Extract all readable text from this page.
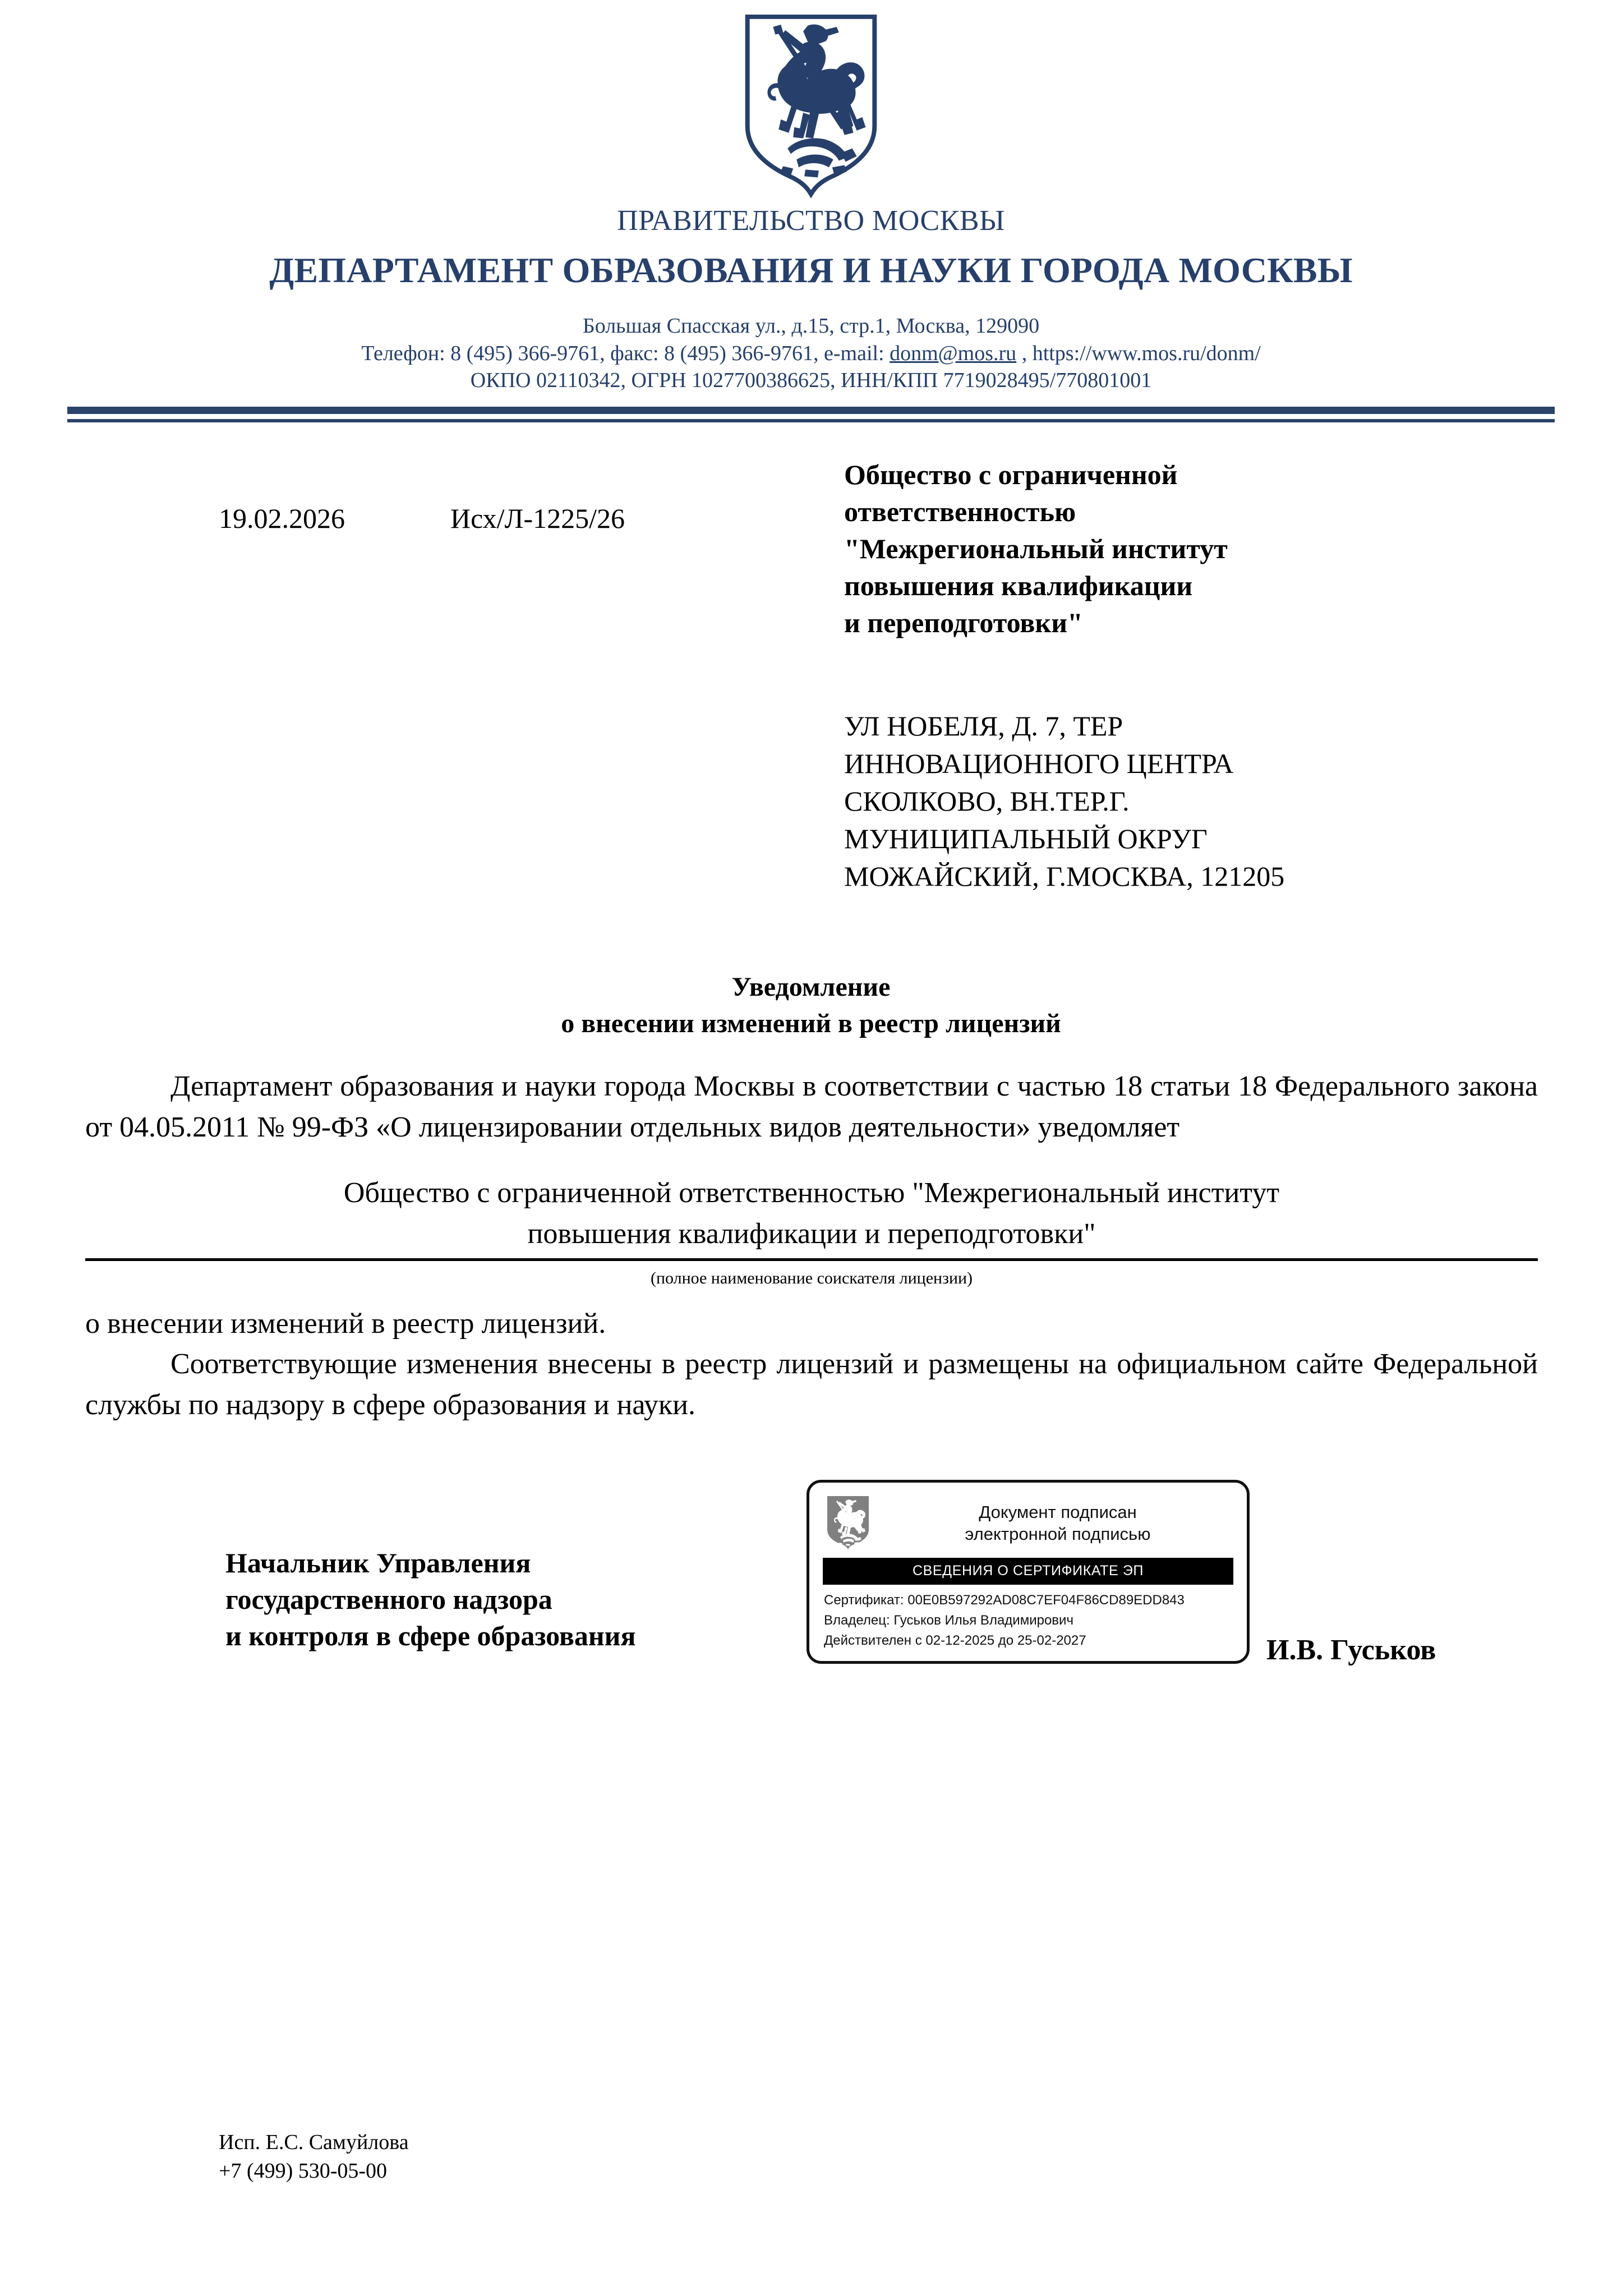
ПРАВИТЕЛЬСТВО МОСКВЫ
ДЕПАРТАМЕНТ ОБРАЗОВАНИЯ И НАУКИ ГОРОДА МОСКВЫ
Большая Спасская ул., д.15, стр.1, Москва, 129090
Телефон: 8 (495) 366-9761, факс: 8 (495) 366-9761, e-mail: donm@mos.ru , https://www.mos.ru/donm/
ОКПО 02110342, ОГРН 1027700386625, ИНН/КПП 7719028495/770801001
19.02.2026	Исх/Л-1225/26
Общество с ограниченной
ответственностью
"Межрегиональный институт
повышения квалификации
и переподготовки"
УЛ НОБЕЛЯ, Д. 7, ТЕР
ИННОВАЦИОННОГО ЦЕНТРА
СКОЛКОВО, ВН.ТЕР.Г.
МУНИЦИПАЛЬНЫЙ ОКРУГ
МОЖАЙСКИЙ, Г.МОСКВА, 121205
Уведомление
о внесении изменений в реестр лицензий

Департамент образования и науки города Москвы в соответствии с частью 18 статьи 18 Федерального закона от 04.05.2011 № 99-ФЗ «О лицензировании отдельных видов деятельности» уведомляет

Общество с ограниченной ответственностью "Межрегиональный институт
повышения квалификации и переподготовки"
(полное наименование соискателя лицензии)

о внесении изменений в реестр лицензий.

Соответствующие изменения внесены в реестр лицензий и размещены на официальном сайте Федеральной службы по надзору в сфере образования и науки.

Начальник Управления
государственного надзора
и контроля в сфере образования	И.В. Гуськов
Документ подписан
электронной подписью
СВЕДЕНИЯ О СЕРТИФИКАТЕ ЭП
Сертификат: 00E0B597292AD08C7EF04F86CD89EDD843
Владелец: Гуськов Илья Владимирович
Действителен с 02-12-2025 до 25-02-2027
Исп. Е.С. Самуйлова
+7 (499) 530-05-00
